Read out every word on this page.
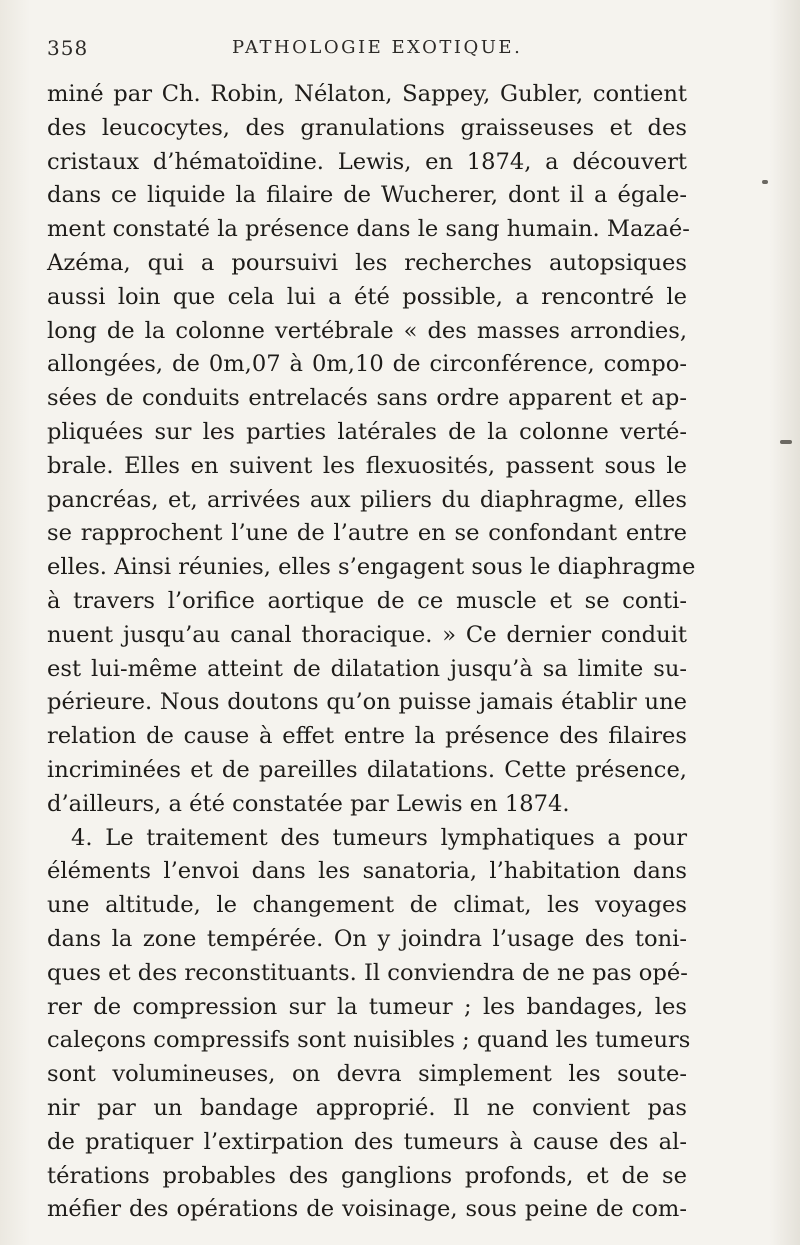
358	PATHOLOGIE EXOTIQUE.
miné par Ch. Robin, Nélaton, Sappey, Gubler, contient
des leucocytes, des granulations graisseuses et des
cristaux d’hématoïdine. Lewis, en 1874, a découvert
dans ce liquide la filaire de Wucherer, dont il a égale-
ment constaté la présence dans le sang humain. Mazaé-
Azéma, qui a poursuivi les recherches autopsiques
aussi loin que cela lui a été possible, a rencontré le
long de la colonne vertébrale « des masses arrondies,
allongées, de 0m,07 à 0m,10 de circonférence, compo-
sées de conduits entrelacés sans ordre apparent et ap-
pliquées sur les parties latérales de la colonne verté-
brale. Elles en suivent les flexuosités, passent sous le
pancréas, et, arrivées aux piliers du diaphragme, elles
se rapprochent l’une de l’autre en se confondant entre
elles. Ainsi réunies, elles s’engagent sous le diaphragme
à travers l’orifice aortique de ce muscle et se conti-
nuent jusqu’au canal thoracique. » Ce dernier conduit
est lui-même atteint de dilatation jusqu’à sa limite su-
périeure. Nous doutons qu’on puisse jamais établir une
relation de cause à effet entre la présence des filaires
incriminées et de pareilles dilatations. Cette présence,
d’ailleurs, a été constatée par Lewis en 1874.
4. Le traitement des tumeurs lymphatiques a pour
éléments l’envoi dans les sanatoria, l’habitation dans
une altitude, le changement de climat, les voyages
dans la zone tempérée. On y joindra l’usage des toni-
ques et des reconstituants. Il conviendra de ne pas opé-
rer de compression sur la tumeur ; les bandages, les
caleçons compressifs sont nuisibles ; quand les tumeurs
sont volumineuses, on devra simplement les soute-
nir par un bandage approprié. Il ne convient pas
de pratiquer l’extirpation des tumeurs à cause des al-
térations probables des ganglions profonds, et de se
méfier des opérations de voisinage, sous peine de com-
